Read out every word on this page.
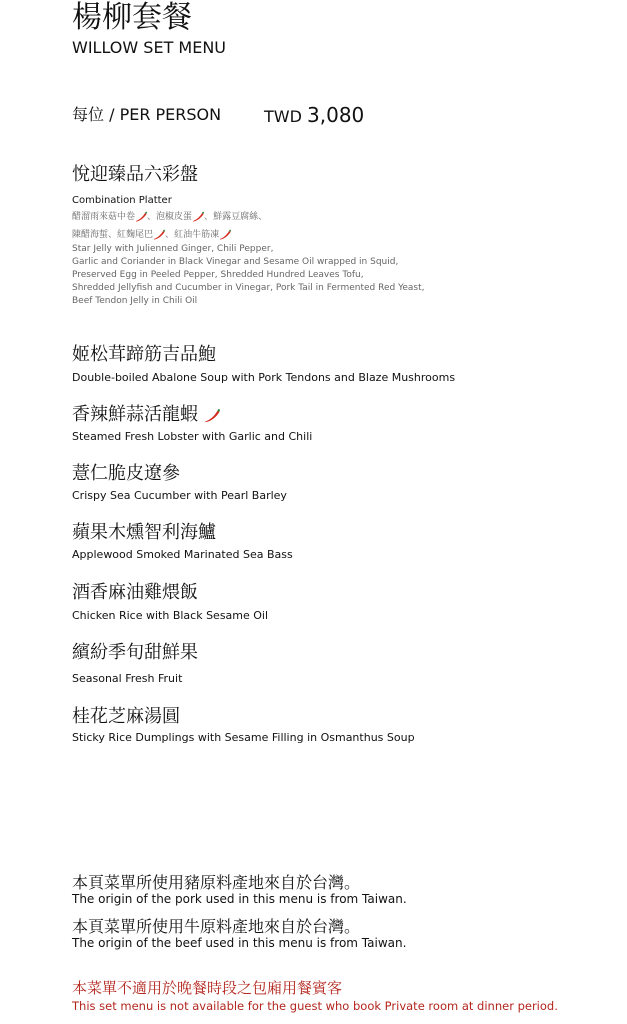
楊柳套餐
WILLOW SET MENU
每位 / PER PERSON	TWD 3,080
悅迎臻品六彩盤
Combination Platter
醋溜雨來菇中卷 、泡椒皮蛋 、鮮露豆腐絲、
陳醋海蜇、紅麴尾巴 、紅油牛筋凍
Star Jelly with Julienned Ginger, Chili Pepper,
Garlic and Coriander in Black Vinegar and Sesame Oil wrapped in Squid,
Preserved Egg in Peeled Pepper, Shredded Hundred Leaves Tofu,
Shredded Jellyfish and Cucumber in Vinegar, Pork Tail in Fermented Red Yeast,
Beef Tendon Jelly in Chili Oil
姬松茸蹄筋吉品鮑
Double-boiled Abalone Soup with Pork Tendons and Blaze Mushrooms
香辣鮮蒜活龍蝦
Steamed Fresh Lobster with Garlic and Chili
薏仁脆皮遼參
Crispy Sea Cucumber with Pearl Barley
蘋果木燻智利海鱸
Applewood Smoked Marinated Sea Bass
酒香麻油雞煨飯
Chicken Rice with Black Sesame Oil
繽紛季旬甜鮮果
Seasonal Fresh Fruit
桂花芝麻湯圓
Sticky Rice Dumplings with Sesame Filling in Osmanthus Soup
本頁菜單所使用豬原料產地來自於台灣。
The origin of the pork used in this menu is from Taiwan.
本頁菜單所使用牛原料產地來自於台灣。
The origin of the beef used in this menu is from Taiwan.
本菜單不適用於晚餐時段之包廂用餐賓客
This set menu is not available for the guest who book Private room at dinner period.
